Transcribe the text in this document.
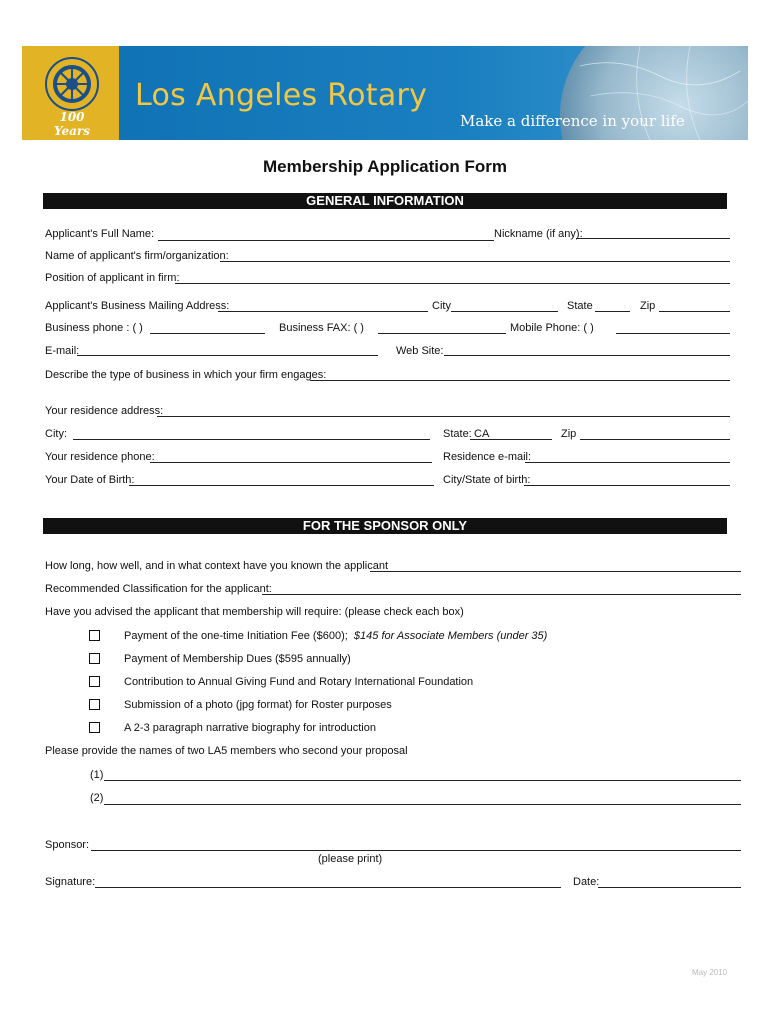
100 Years
Los Angeles Rotary
Make a difference in your life
Membership Application Form
GENERAL INFORMATION
Applicant's Full Name:	Nickname (if any):
Name of applicant's firm/organization:
Position of applicant in firm:
Applicant's Business Mailing Address:	City	State	Zip
Business phone : ( )	Business FAX: ( )	Mobile Phone: ( )
E-mail:	Web Site:
Describe the type of business in which your firm engages:
Your residence address:
City:	State: CA	Zip
Your residence phone:	Residence e-mail:
Your Date of Birth:	City/State of birth:
FOR THE SPONSOR ONLY
How long, how well, and in what context have you known the applicant
Recommended Classification for the applicant:
Have you advised the applicant that membership will require: (please check each box)
Payment of the one-time Initiation Fee ($600); $145 for Associate Members (under 35)
Payment of Membership Dues ($595 annually)
Contribution to Annual Giving Fund and Rotary International Foundation
Submission of a photo (jpg format) for Roster purposes
A 2-3 paragraph narrative biography for introduction
Please provide the names of two LA5 members who second your proposal
(1)
(2)
Sponsor:
(please print)
Signature:	Date:
May 2010
